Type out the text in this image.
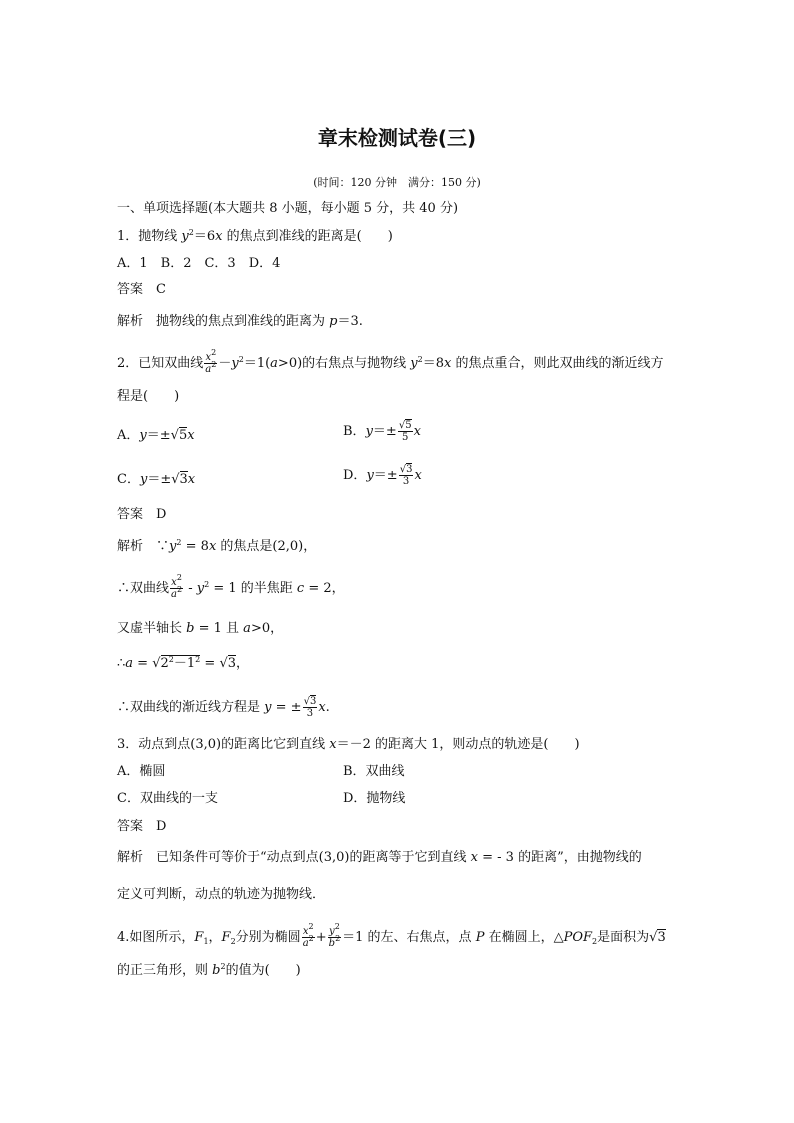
章末检测试卷(三)
(时间：120 分钟　满分：150 分)
一、单项选择题(本大题共 8 小题，每小题 5 分，共 40 分)
1．抛物线 $y^2=6x$ 的焦点到准线的距离是(　　)
A．1　B．2　C．3　D．4
答案　 C
解析　 抛物线的焦点到准线的距离为 p＝3.
2．已知双曲线 $\frac{x^2}{a^2} -y^2=1(a>0)$的右焦点与抛物线 $y^2=8x$ 的焦点重合，则此双曲线的渐近线方
程是(　　)
A．y＝±√5x	B．$y=\pm \frac{√5}{5}$ x
C．y＝±√3x	D．$y=\pm \frac{√3}{3}$ x
答案　 D
解析　 $\because y^2 = 8x$ 的焦点是(2,0)，
∴双曲线 $\frac{x^2}{a^2} - y^2 = 1$ 的半焦距 c = 2，
又虚半轴长 b = 1 且 a>0，
∴a = $√2^2-1^2 = √3$，
∴双曲线的渐近线方程是 y = ± $\frac{√3}{3} x$.
3．动点到点(3,0)的距离比它到直线 x＝－2 的距离大 1，则动点的轨迹是(　　)
A．椭圆	B．双曲线
C．双曲线的一支	D．抛物线
答案　 D
解析　 已知条件可等价于“动点到点(3,0)的距离等于它到直线 x = - 3 的距离”，由抛物线的
定义可判断，动点的轨迹为抛物线．
4.如图所示，$F_1$，$F_2$分别为椭圆 $\frac{x^2}{a^2} + \frac{y^2}{b^2} =1$ 的左、右焦点，点 P 在椭圆上，$\triangle POF_2$是面积为√3
的正三角形，则 $b^2$的值为(　　)
